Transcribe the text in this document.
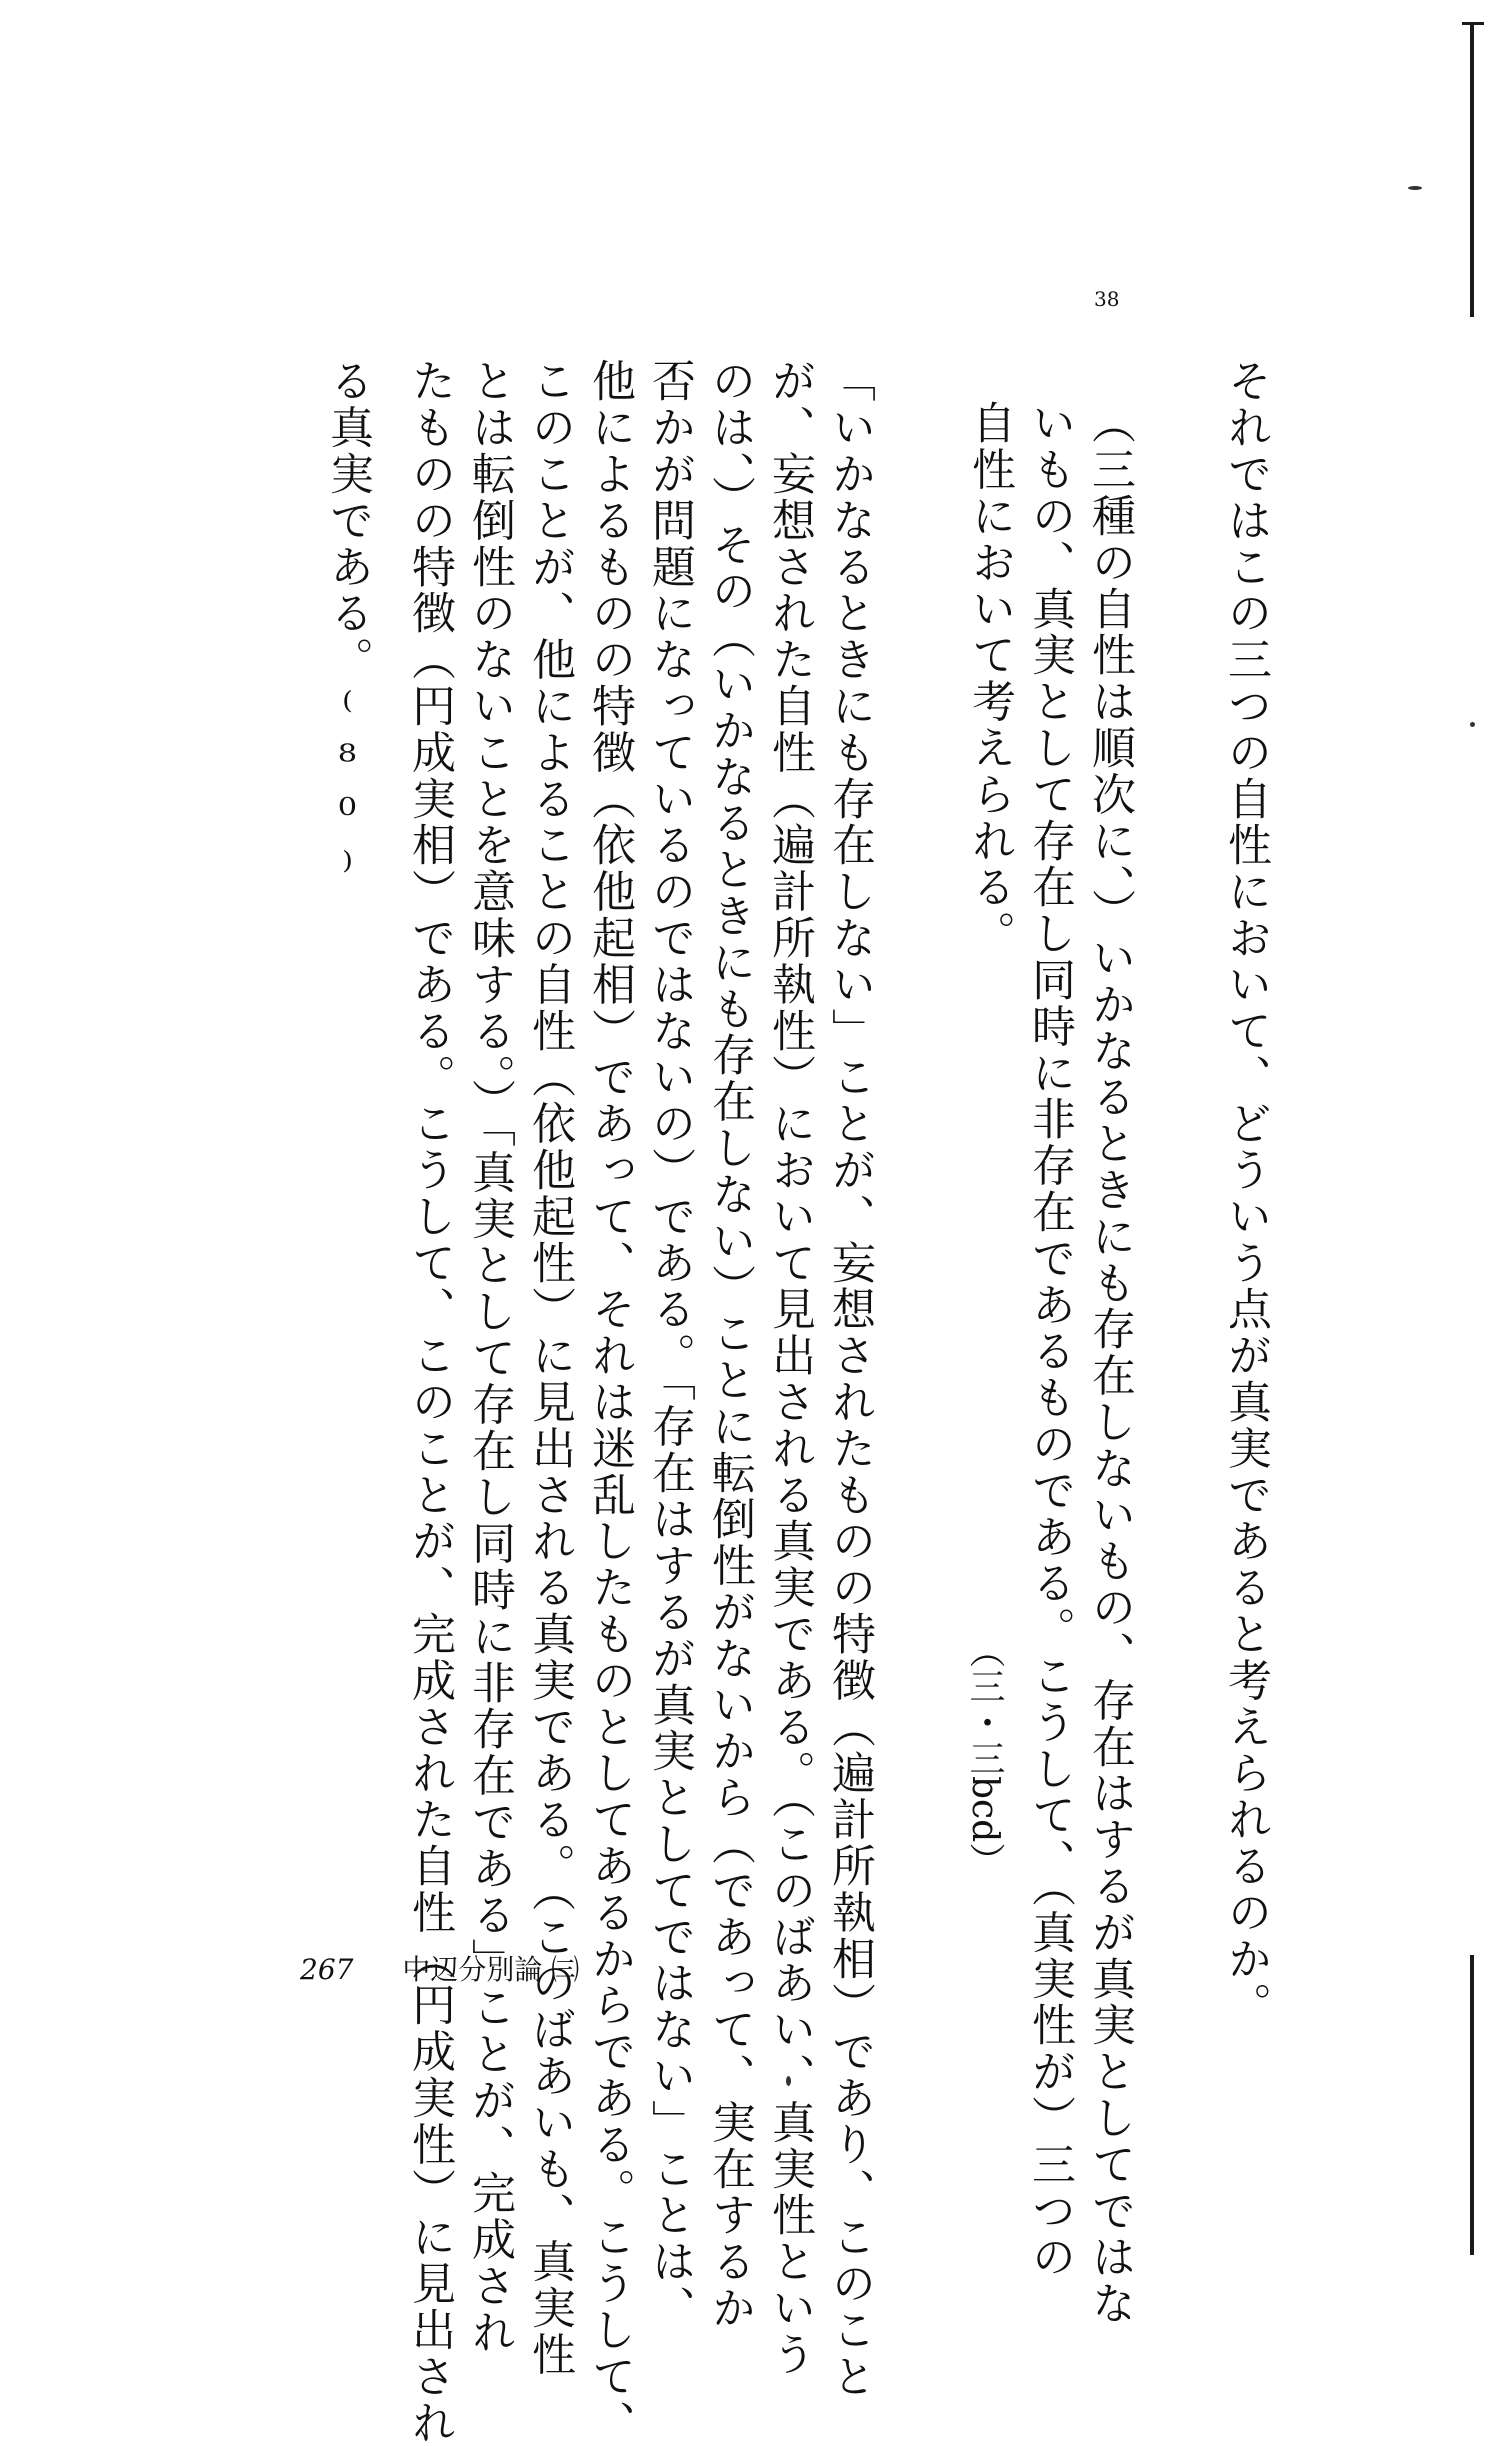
38
それではこの三つの自性において、どういう点が真実であると考えられるのか。
（三種の自性は順次に、）いかなるときにも存在しないもの、存在はするが真実としてではな
いもの、真実として存在し同時に非存在であるものである。こうして、（真実性が）三つの
自性において考えられる。
（三・三bcd）
「いかなるときにも存在しない」ことが、妄想されたものの特徴（遍計所執相）であり、このこと
が、妄想された自性（遍計所執性）において見出される真実である。（このばあい、真実性という
のは、）その（いかなるときにも存在しない）ことに転倒性がないから（であって、実在するか
否かが問題になっているのではないの）である。「存在はするが真実としてではない」ことは、
他によるものの特徴（依他起相）であって、それは迷乱したものとしてあるからである。こうして、
このことが、他によることの自性（依他起性）に見出される真実である。（このばあいも、真実性
とは転倒性のないことを意味する。）「真実として存在し同時に非存在である」ことが、完成され
たものの特徴（円成実相）である。こうして、このことが、完成された自性（円成実性）に見出され
る真実である。⁽⁸⁰⁾
267 中辺分別論 ㈢
